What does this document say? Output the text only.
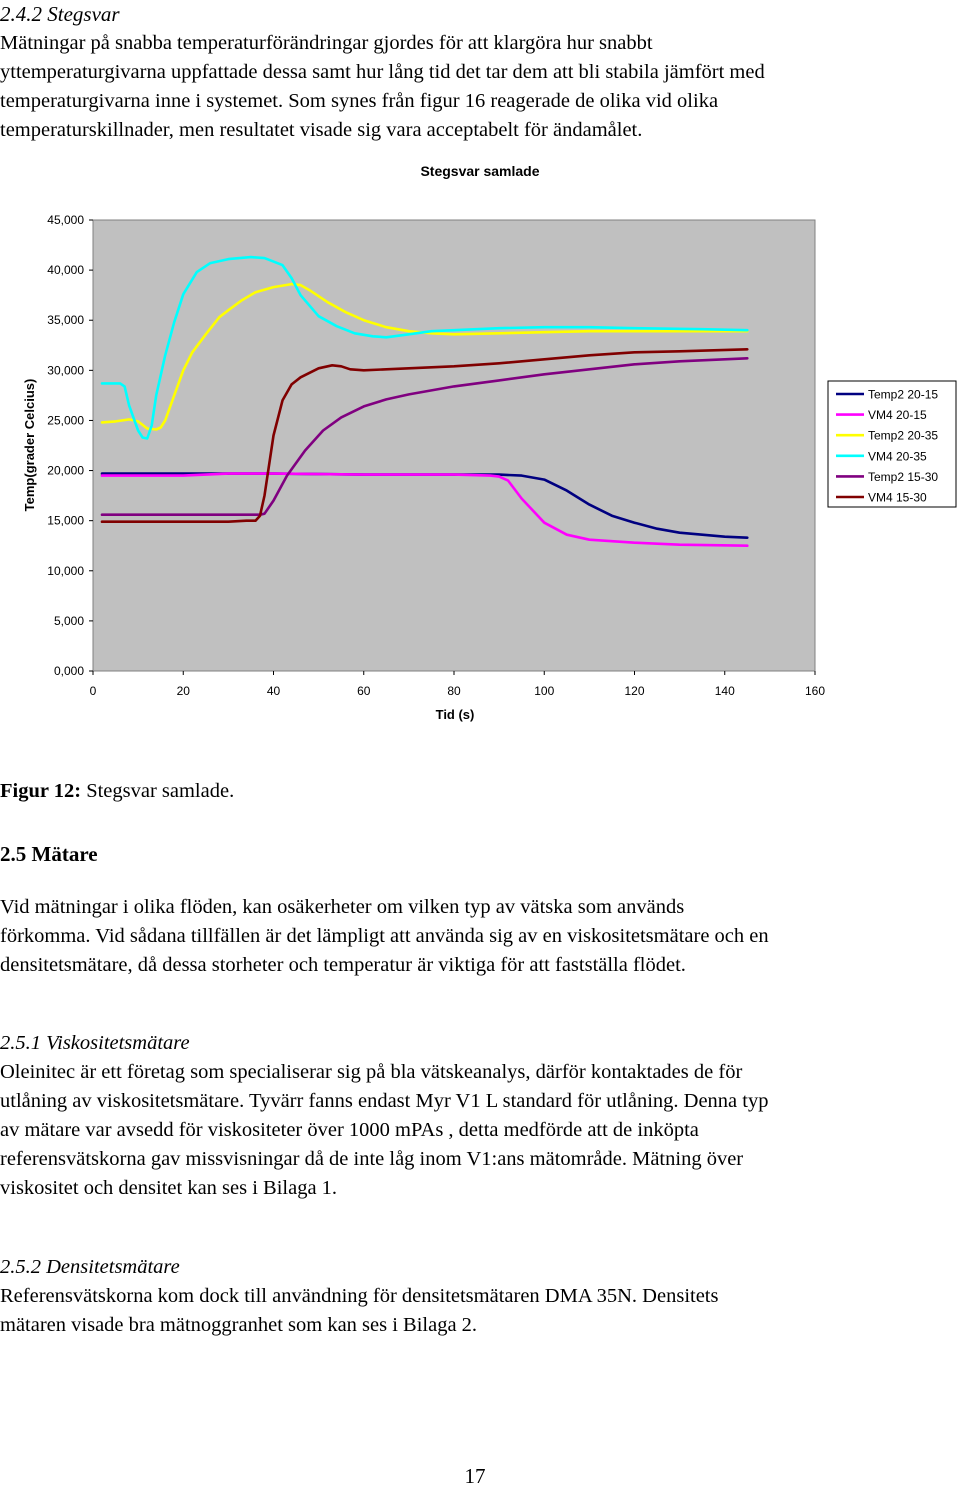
2.4.2 Stegsvar

Mätningar på snabba temperaturförändringar gjordes för att klargöra hur snabbt

yttemperaturgivarna uppfattade dessa samt hur lång tid det tar dem att bli stabila jämfört med

temperaturgivarna inne i systemet. Som synes från figur 16 reagerade de olika vid olika

temperaturskillnader, men resultatet visade sig vara acceptabelt för ändamålet.

Stegsvar samlade
0,000
5,000
10,000
15,000
20,000
25,000
30,000
35,000
40,000
45,000
0	20	40	60	80	100	120	140	160
Tid (s)
Temp(grader Celcius)	Temp2 20-15
VM4 20-15
Temp2 20-35
VM4 20-35
Temp2 15-30
VM4 15-30

Figur 12: Stegsvar samlade.

2.5 Mätare

Vid mätningar i olika flöden, kan osäkerheter om vilken typ av vätska som används

förkomma. Vid sådana tillfällen är det lämpligt att använda sig av en viskositetsmätare och en

densitetsmätare, då dessa storheter och temperatur är viktiga för att fastställa flödet.

2.5.1 Viskositetsmätare

Oleinitec är ett företag som specialiserar sig på bla vätskeanalys, därför kontaktades de för

utlåning av viskositetsmätare. Tyvärr fanns endast Myr V1 L standard för utlåning. Denna typ

av mätare var avsedd för viskositeter över 1000 mPAs , detta medförde att de inköpta

referensvätskorna gav missvisningar då de inte låg inom V1:ans mätområde. Mätning över

viskositet och densitet kan ses i Bilaga 1.

2.5.2 Densitetsmätare

Referensvätskorna kom dock till användning för densitetsmätaren DMA 35N. Densitets

mätaren visade bra mätnoggranhet som kan ses i Bilaga 2.

17
